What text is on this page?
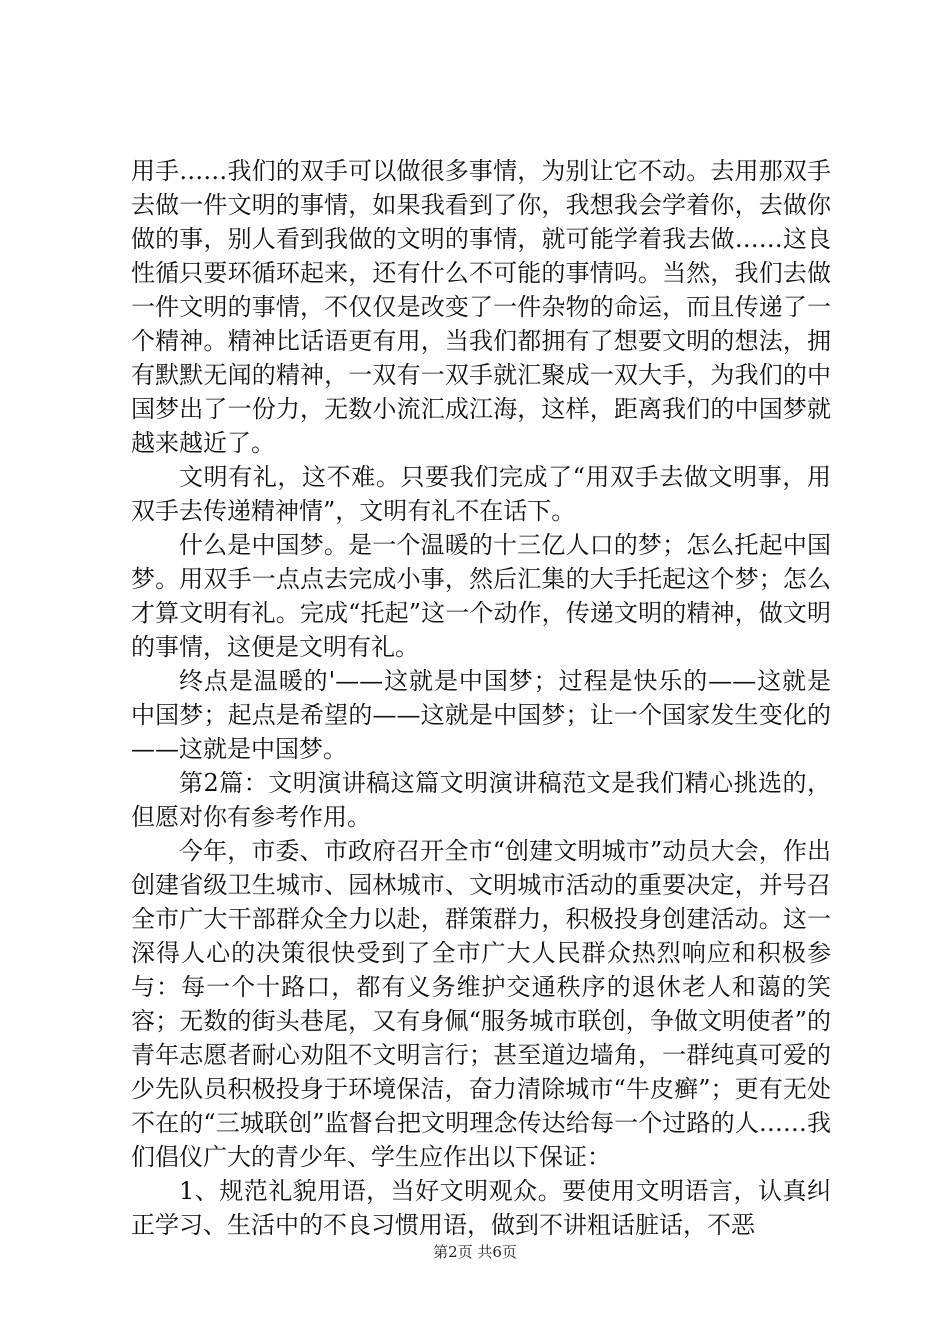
用手……我们的双手可以做很多事情，为别让它不动。去用那双手去做一件文明的事情，如果我看到了你，我想我会学着你，去做你做的事，别人看到我做的文明的事情，就可能学着我去做……这良性循只要环循环起来，还有什么不可能的事情吗。当然，我们去做一件文明的事情，不仅仅是改变了一件杂物的命运，而且传递了一个精神。精神比话语更有用，当我们都拥有了想要文明的想法，拥有默默无闻的精神，一双有一双手就汇聚成一双大手，为我们的中国梦出了一份力，无数小流汇成江海，这样，距离我们的中国梦就越来越近了。

文明有礼，这不难。只要我们完成了“用双手去做文明事，用双手去传递精神情”，文明有礼不在话下。

什么是中国梦。是一个温暖的十三亿人口的梦；怎么托起中国梦。用双手一点点去完成小事，然后汇集的大手托起这个梦；怎么才算文明有礼。完成“托起”这一个动作，传递文明的精神，做文明的事情，这便是文明有礼。

终点是温暖的'——这就是中国梦；过程是快乐的——这就是中国梦；起点是希望的——这就是中国梦；让一个国家发生变化的——这就是中国梦。

第2篇：文明演讲稿这篇文明演讲稿范文是我们精心挑选的，但愿对你有参考作用。

今年，市委、市政府召开全市“创建文明城市”动员大会，作出创建省级卫生城市、园林城市、文明城市活动的重要决定，并号召全市广大干部群众全力以赴，群策群力，积极投身创建活动。这一深得人心的决策很快受到了全市广大人民群众热烈响应和积极参与：每一个十路口，都有义务维护交通秩序的退休老人和蔼的笑容；无数的街头巷尾，又有身佩“服务城市联创，争做文明使者”的青年志愿者耐心劝阻不文明言行；甚至道边墙角，一群纯真可爱的少先队员积极投身于环境保洁，奋力清除城市“牛皮癣”；更有无处不在的“三城联创”监督台把文明理念传达给每一个过路的人……我们倡仪广大的青少年、学生应作出以下保证：

1、规范礼貌用语，当好文明观众。要使用文明语言，认真纠正学习、生活中的不良习惯用语，做到不讲粗话脏话，不恶

第2页 共6页
